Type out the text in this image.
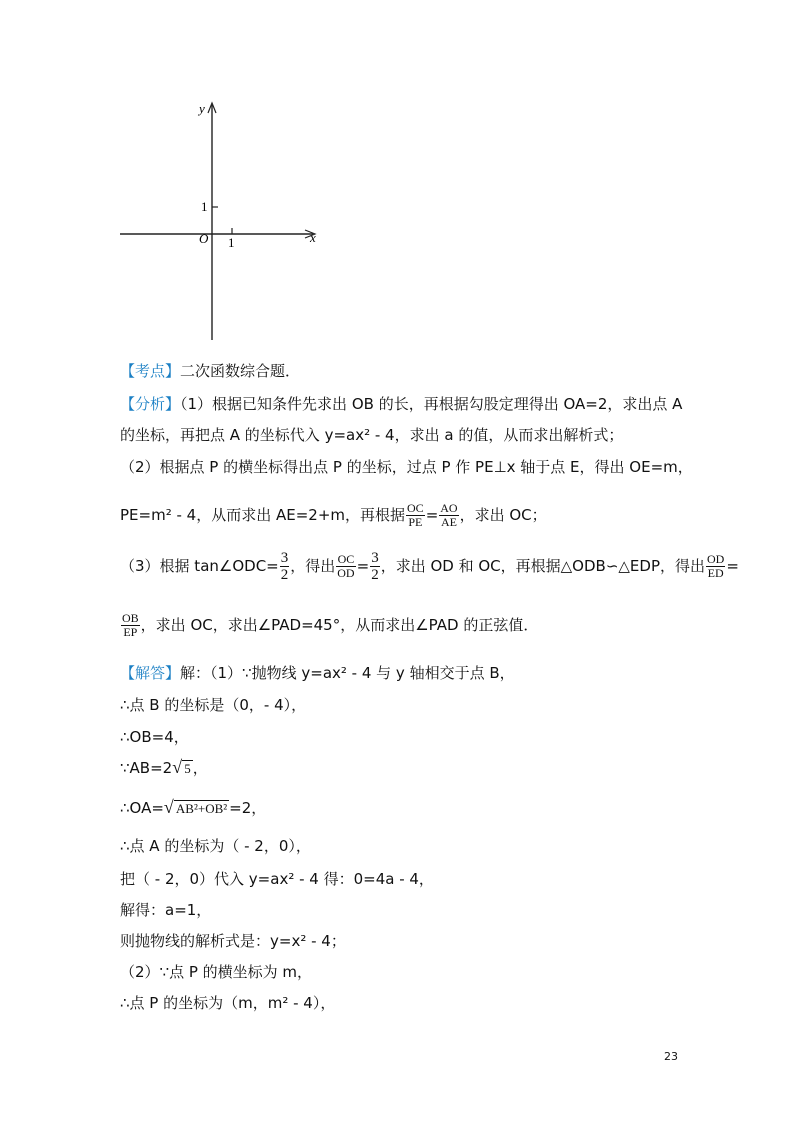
y
x
O
1
1
【考点】二次函数综合题．
【分析】（1）根据已知条件先求出 OB 的长，再根据勾股定理得出 OA=2，求出点 A
的坐标，再把点 A 的坐标代入 y=ax² - 4，求出 a 的值，从而求出解析式；
（2）根据点 P 的横坐标得出点 P 的坐标，过点 P 作 PE⊥x 轴于点 E，得出 OE=m，
PE=m² - 4，从而求出 AE=2+m，再根据 $\frac{OC}{PE} = \frac{AO}{AE}$ ，求出 OC；
（3）根据 tan∠ODC= $\frac{3}{2}$ ，得出 $\frac{OC}{OD} = \frac{3}{2}$ ，求出 OD 和 OC，再根据△ODB∽△EDP，得出 $\frac{OD}{ED}$ =
$\frac{OB}{EP}$ ，求出 OC，求出∠PAD=45°，从而求出∠PAD 的正弦值．
【解答】解：（1）∵抛物线 y=ax² - 4 与 y 轴相交于点 B，
∴点 B 的坐标是（0，- 4），
∴OB=4，
∵AB=2 √ 5 ，
∴OA= √ AB²+OB² =2，
∴点 A 的坐标为（ - 2，0），
把（ - 2，0）代入 y=ax² - 4 得：0=4a - 4，
解得：a=1，
则抛物线的解析式是：y=x² - 4；
（2）∵点 P 的横坐标为 m，
∴点 P 的坐标为（m，m² - 4），
23
